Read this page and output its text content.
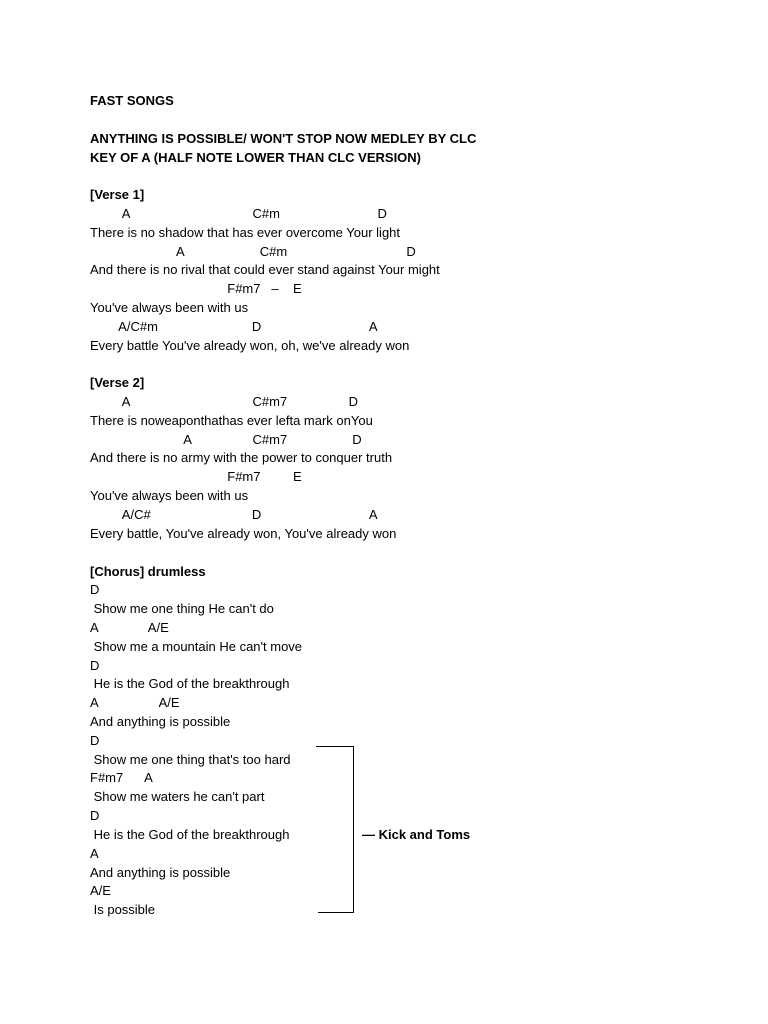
FAST SONGS
ANYTHING IS POSSIBLE/ WON'T STOP NOW MEDLEY BY CLC
KEY OF A (HALF NOTE LOWER THAN CLC VERSION)
[Verse 1]
A                                  C#m                           D
There is no shadow that has ever overcome Your light
A                     C#m                                 D
And there is no rival that could ever stand against Your might
F#m7   –    E
You've always been with us
A/C#m                          D                              A
Every battle You've already won, oh, we've already won
[Verse 2]
A                                  C#m7                 D
There is noweaponthathas ever lefta mark onYou
A                 C#m7                  D
And there is no army with the power to conquer truth
F#m7         E
You've always been with us
A/C#                            D                              A
Every battle, You've already won, You've already won
[Chorus] drumless
D
Show me one thing He can't do
A              A/E
Show me a mountain He can't move
D
He is the God of the breakthrough
A                 A/E
And anything is possible
D
Show me one thing that's too hard
F#m7      A
Show me waters he can't part
D
He is the God of the breakthrough
A
And anything is possible
A/E
Is possible
— Kick and Toms
